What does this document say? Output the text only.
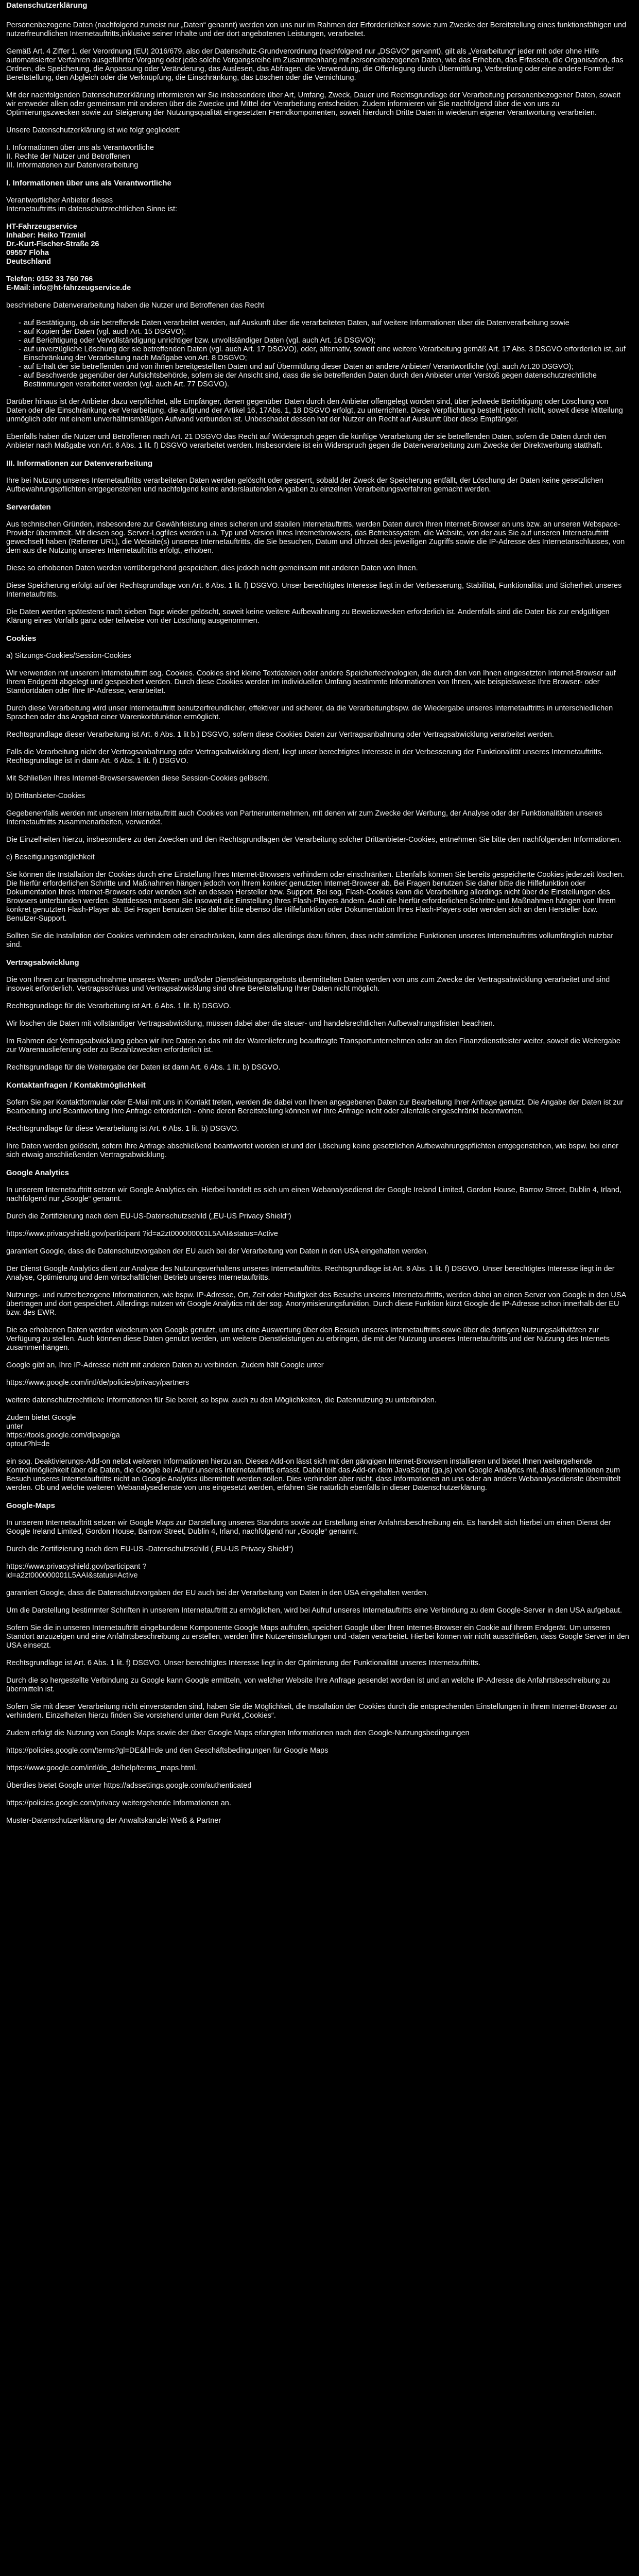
Datenschutzerklärung

Personenbezogene Daten (nachfolgend zumeist nur „Daten“ genannt) werden von uns nur im Rahmen der Erforderlichkeit sowie zum Zwecke der Bereitstellung eines funktionsfähigen und nutzerfreundlichen Internetauftritts,inklusive seiner Inhalte und der dort angebotenen Leistungen, verarbeitet.

Gemäß Art. 4 Ziffer 1. der Verordnung (EU) 2016/679, also der Datenschutz-Grundverordnung (nachfolgend nur „DSGVO“ genannt), gilt als „Verarbeitung“ jeder mit oder ohne Hilfe automatisierter Verfahren ausgeführter Vorgang oder jede solche Vorgangsreihe im Zusammenhang mit personenbezogenen Daten, wie das Erheben, das Erfassen, die Organisation, das Ordnen, die Speicherung, die Anpassung oder Veränderung, das Auslesen, das Abfragen, die Verwendung, die Offenlegung durch Übermittlung, Verbreitung oder eine andere Form der Bereitstellung, den Abgleich oder die Verknüpfung, die Einschränkung, das Löschen oder die Vernichtung.

Mit der nachfolgenden Datenschutzerklärung informieren wir Sie insbesondere über Art, Umfang, Zweck, Dauer und Rechtsgrundlage der Verarbeitung personenbezogener Daten, soweit wir entweder allein oder gemeinsam mit anderen über die Zwecke und Mittel der Verarbeitung entscheiden. Zudem informieren wir Sie nachfolgend über die von uns zu Optimierungszwecken sowie zur Steigerung der Nutzungsqualität eingesetzten Fremdkomponenten, soweit hierdurch Dritte Daten in wiederum eigener Verantwortung verarbeiten.

Unsere Datenschutzerklärung ist wie folgt gegliedert:

I. Informationen über uns als Verantwortliche
II. Rechte der Nutzer und Betroffenen
III. Informationen zur Datenverarbeitung
I. Informationen über uns als Verantwortliche
Verantwortlicher Anbieter dieses
Internetauftritts im datenschutzrechtlichen Sinne ist:
HT-Fahrzeugservice
Inhaber: Heiko Trzmiel
Dr.-Kurt-Fischer-Straße 26
09557 Flöha
Deutschland
Telefon: 0152 33 760 766
E-Mail: info@ht-fahrzeugservice.de

beschriebene Datenverarbeitung haben die Nutzer und Betroffenen das Recht

- auf Bestätigung, ob sie betreffende Daten verarbeitet werden, auf Auskunft über die verarbeiteten Daten, auf weitere Informationen über die Datenverarbeitung sowie
- auf Kopien der Daten (vgl. auch Art. 15 DSGVO);
- auf Berichtigung oder Vervollständigung unrichtiger bzw. unvollständiger Daten (vgl. auch Art. 16 DSGVO);
- auf unverzügliche Löschung der sie betreffenden Daten (vgl. auch Art. 17 DSGVO), oder, alternativ, soweit eine weitere Verarbeitung gemäß Art. 17 Abs. 3 DSGVO erforderlich ist, auf Einschränkung der Verarbeitung nach Maßgabe von Art. 8 DSGVO;
- auf Erhalt der sie betreffenden und von ihnen bereitgestellten Daten und auf Übermittlung dieser Daten an andere Anbieter/ Verantwortliche (vgl. auch Art.20 DSGVO);
- auf Beschwerde gegenüber der Aufsichtsbehörde, sofern sie der Ansicht sind, dass die sie betreffenden Daten durch den Anbieter unter Verstoß gegen datenschutzrechtliche Bestimmungen verarbeitet werden (vgl. auch Art. 77 DSGVO).

Darüber hinaus ist der Anbieter dazu verpflichtet, alle Empfänger, denen gegenüber Daten durch den Anbieter offengelegt worden sind, über jedwede Berichtigung oder Löschung von Daten oder die Einschränkung der Verarbeitung, die aufgrund der Artikel 16, 17Abs. 1, 18 DSGVO erfolgt, zu unterrichten. Diese Verpflichtung besteht jedoch nicht, soweit diese Mitteilung unmöglich oder mit einem unverhältnismäßigen Aufwand verbunden ist. Unbeschadet dessen hat der Nutzer ein Recht auf Auskunft über diese Empfänger.

Ebenfalls haben die Nutzer und Betroffenen nach Art. 21 DSGVO das Recht auf Widerspruch gegen die künftige Verarbeitung der sie betreffenden Daten, sofern die Daten durch den Anbieter nach Maßgabe von Art. 6 Abs. 1 lit. f) DSGVO verarbeitet werden. Insbesondere ist ein Widerspruch gegen die Datenverarbeitung zum Zwecke der Direktwerbung statthaft.

III. Informationen zur Datenverarbeitung

Ihre bei Nutzung unseres Internetauftritts verarbeiteten Daten werden gelöscht oder gesperrt, sobald der Zweck der Speicherung entfällt, der Löschung der Daten keine gesetzlichen Aufbewahrungspflichten entgegenstehen und nachfolgend keine anderslautenden Angaben zu einzelnen Verarbeitungsverfahren gemacht werden.

Serverdaten

Aus technischen Gründen, insbesondere zur Gewährleistung eines sicheren und stabilen Internetauftritts, werden Daten durch Ihren Internet-Browser an uns bzw. an unseren Webspace-Provider übermittelt. Mit diesen sog. Server-Logfiles werden u.a. Typ und Version Ihres Internetbrowsers, das Betriebssystem, die Website, von der aus Sie auf unseren Internetauftritt gewechselt haben (Referrer URL), die Website(s) unseres Internetauftritts, die Sie besuchen, Datum und Uhrzeit des jeweiligen Zugriffs sowie die IP-Adresse des Internetanschlusses, von dem aus die Nutzung unseres Internetauftritts erfolgt, erhoben.

Diese so erhobenen Daten werden vorrübergehend gespeichert, dies jedoch nicht gemeinsam mit anderen Daten von Ihnen.

Diese Speicherung erfolgt auf der Rechtsgrundlage von Art. 6 Abs. 1 lit. f) DSGVO. Unser berechtigtes Interesse liegt in der Verbesserung, Stabilität, Funktionalität und Sicherheit unseres Internetauftritts.

Die Daten werden spätestens nach sieben Tage wieder gelöscht, soweit keine weitere Aufbewahrung zu Beweiszwecken erforderlich ist. Andernfalls sind die Daten bis zur endgültigen Klärung eines Vorfalls ganz oder teilweise von der Löschung ausgenommen.

Cookies

a) Sitzungs-Cookies/Session-Cookies

Wir verwenden mit unserem Internetauftritt sog. Cookies. Cookies sind kleine Textdateien oder andere Speichertechnologien, die durch den von Ihnen eingesetzten Internet-Browser auf Ihrem Endgerät abgelegt und gespeichert werden. Durch diese Cookies werden im individuellen Umfang bestimmte Informationen von Ihnen, wie beispielsweise Ihre Browser- oder Standortdaten oder Ihre IP-Adresse, verarbeitet.

Durch diese Verarbeitung wird unser Internetauftritt benutzerfreundlicher, effektiver und sicherer, da die Verarbeitungbspw. die Wiedergabe unseres Internetauftritts in unterschiedlichen Sprachen oder das Angebot einer Warenkorbfunktion ermöglicht.

Rechtsgrundlage dieser Verarbeitung ist Art. 6 Abs. 1 lit b.) DSGVO, sofern diese Cookies Daten zur Vertragsanbahnung oder Vertragsabwicklung verarbeitet werden.

Falls die Verarbeitung nicht der Vertragsanbahnung oder Vertragsabwicklung dient, liegt unser berechtigtes Interesse in der Verbesserung der Funktionalität unseres Internetauftritts. Rechtsgrundlage ist in dann Art. 6 Abs. 1 lit. f) DSGVO.

Mit Schließen Ihres Internet-Browsersswerden diese Session-Cookies gelöscht.

b) Drittanbieter-Cookies

Gegebenenfalls werden mit unserem Internetauftritt auch Cookies von Partnerunternehmen, mit denen wir zum Zwecke der Werbung, der Analyse oder der Funktionalitäten unseres Internetauftritts zusammenarbeiten, verwendet.

Die Einzelheiten hierzu, insbesondere zu den Zwecken und den Rechtsgrundlagen der Verarbeitung solcher Drittanbieter-Cookies, entnehmen Sie bitte den nachfolgenden Informationen.

c) Beseitigungsmöglichkeit

Sie können die Installation der Cookies durch eine Einstellung Ihres Internet-Browsers verhindern oder einschränken. Ebenfalls können Sie bereits gespeicherte Cookies jederzeit löschen. Die hierfür erforderlichen Schritte und Maßnahmen hängen jedoch von Ihrem konkret genutzten Internet-Browser ab. Bei Fragen benutzen Sie daher bitte die Hilfefunktion oder Dokumentation Ihres Internet-Browsers oder wenden sich an dessen Hersteller bzw. Support. Bei sog. Flash-Cookies kann die Verarbeitung allerdings nicht über die Einstellungen des Browsers unterbunden werden. Stattdessen müssen Sie insoweit die Einstellung Ihres Flash-Players ändern. Auch die hierfür erforderlichen Schritte und Maßnahmen hängen von Ihrem konkret genutzten Flash-Player ab. Bei Fragen benutzen Sie daher bitte ebenso die Hilfefunktion oder Dokumentation Ihres Flash-Players oder wenden sich an den Hersteller bzw. Benutzer-Support.

Sollten Sie die Installation der Cookies verhindern oder einschränken, kann dies allerdings dazu führen, dass nicht sämtliche Funktionen unseres Internetauftritts vollumfänglich nutzbar sind.

Vertragsabwicklung

Die von Ihnen zur Inanspruchnahme unseres Waren- und/oder Dienstleistungsangebots übermittelten Daten werden von uns zum Zwecke der Vertragsabwicklung verarbeitet und sind insoweit erforderlich. Vertragsschluss und Vertragsabwicklung sind ohne Bereitstellung Ihrer Daten nicht möglich.

Rechtsgrundlage für die Verarbeitung ist Art. 6 Abs. 1 lit. b) DSGVO.

Wir löschen die Daten mit vollständiger Vertragsabwicklung, müssen dabei aber die steuer- und handelsrechtlichen Aufbewahrungsfristen beachten.

Im Rahmen der Vertragsabwicklung geben wir Ihre Daten an das mit der Warenlieferung beauftragte Transportunternehmen oder an den Finanzdienstleister weiter, soweit die Weitergabe zur Warenauslieferung oder zu Bezahlzwecken erforderlich ist.

Rechtsgrundlage für die Weitergabe der Daten ist dann Art. 6 Abs. 1 lit. b) DSGVO.

Kontaktanfragen / Kontaktmöglichkeit

Sofern Sie per Kontaktformular oder E-Mail mit uns in Kontakt treten, werden die dabei von Ihnen angegebenen Daten zur Bearbeitung Ihrer Anfrage genutzt. Die Angabe der Daten ist zur Bearbeitung und Beantwortung Ihre Anfrage erforderlich - ohne deren Bereitstellung können wir Ihre Anfrage nicht oder allenfalls eingeschränkt beantworten.

Rechtsgrundlage für diese Verarbeitung ist Art. 6 Abs. 1 lit. b) DSGVO.

Ihre Daten werden gelöscht, sofern Ihre Anfrage abschließend beantwortet worden ist und der Löschung keine gesetzlichen Aufbewahrungspflichten entgegenstehen, wie bspw. bei einer sich etwaig anschließenden Vertragsabwicklung.

Google Analytics

In unserem Internetauftritt setzen wir Google Analytics ein. Hierbei handelt es sich um einen Webanalysedienst der Google Ireland Limited, Gordon House, Barrow Street, Dublin 4, Irland, nachfolgend nur „Google“ genannt.

Durch die Zertifizierung nach dem EU-US-Datenschutzschild („EU-US Privacy Shield“)

https://www.privacyshield.gov/participant ?id=a2zt000000001L5AAI&status=Active

garantiert Google, dass die Datenschutzvorgaben der EU auch bei der Verarbeitung von Daten in den USA eingehalten werden.

Der Dienst Google Analytics dient zur Analyse des Nutzungsverhaltens unseres Internetauftritts. Rechtsgrundlage ist Art. 6 Abs. 1 lit. f) DSGVO. Unser berechtigtes Interesse liegt in der Analyse, Optimierung und dem wirtschaftlichen Betrieb unseres Internetauftritts.

Nutzungs- und nutzerbezogene Informationen, wie bspw. IP-Adresse, Ort, Zeit oder Häufigkeit des Besuchs unseres Internetauftritts, werden dabei an einen Server von Google in den USA übertragen und dort gespeichert. Allerdings nutzen wir Google Analytics mit der sog. Anonymisierungsfunktion. Durch diese Funktion kürzt Google die IP-Adresse schon innerhalb der EU bzw. des EWR.

Die so erhobenen Daten werden wiederum von Google genutzt, um uns eine Auswertung über den Besuch unseres Internetauftritts sowie über die dortigen Nutzungsaktivitäten zur Verfügung zu stellen. Auch können diese Daten genutzt werden, um weitere Dienstleistungen zu erbringen, die mit der Nutzung unseres Internetauftritts und der Nutzung des Internets zusammenhängen.

Google gibt an, Ihre IP-Adresse nicht mit anderen Daten zu verbinden. Zudem hält Google unter

https://www.google.com/intl/de/policies/privacy/partners

weitere datenschutzrechtliche Informationen für Sie bereit, so bspw. auch zu den Möglichkeiten, die Datennutzung zu unterbinden.

Zudem bietet Google unter https://tools.google.com/dlpage/ga optout?hl=de

ein sog. Deaktivierungs-Add-on nebst weiteren Informationen hierzu an. Dieses Add-on lässt sich mit den gängigen Internet-Browsern installieren und bietet Ihnen weitergehende Kontrollmöglichkeit über die Daten, die Google bei Aufruf unseres Internetauftritts erfasst. Dabei teilt das Add-on dem JavaScript (ga.js) von Google Analytics mit, dass Informationen zum Besuch unseres Internetauftritts nicht an Google Analytics übermittelt werden sollen. Dies verhindert aber nicht, dass Informationen an uns oder an andere Webanalysedienste übermittelt werden. Ob und welche weiteren Webanalysedienste von uns eingesetzt werden, erfahren Sie natürlich ebenfalls in dieser Datenschutzerklärung.

Google-Maps

In unserem Internetauftritt setzen wir Google Maps zur Darstellung unseres Standorts sowie zur Erstellung einer Anfahrtsbeschreibung ein. Es handelt sich hierbei um einen Dienst der Google Ireland Limited, Gordon House, Barrow Street, Dublin 4, Irland, nachfolgend nur „Google“ genannt.

Durch die Zertifizierung nach dem EU-US -Datenschutzschild („EU-US Privacy Shield“)

https://www.privacyshield.gov/participant ?id=a2zt000000001L5AAI&status=Active

garantiert Google, dass die Datenschutzvorgaben der EU auch bei der Verarbeitung von Daten in den USA eingehalten werden.

Um die Darstellung bestimmter Schriften in unserem Internetauftritt zu ermöglichen, wird bei Aufruf unseres Internetauftritts eine Verbindung zu dem Google-Server in den USA aufgebaut.

Sofern Sie die in unseren Internetauftritt eingebundene Komponente Google Maps aufrufen, speichert Google über Ihren Internet-Browser ein Cookie auf Ihrem Endgerät. Um unseren Standort anzuzeigen und eine Anfahrtsbeschreibung zu erstellen, werden Ihre Nutzereinstellungen und -daten verarbeitet. Hierbei können wir nicht ausschließen, dass Google Server in den USA einsetzt.

Rechtsgrundlage ist Art. 6 Abs. 1 lit. f) DSGVO. Unser berechtigtes Interesse liegt in der Optimierung der Funktionalität unseres Internetauftritts.

Durch die so hergestellte Verbindung zu Google kann Google ermitteln, von welcher Website Ihre Anfrage gesendet worden ist und an welche IP-Adresse die Anfahrtsbeschreibung zu übermitteln ist.

Sofern Sie mit dieser Verarbeitung nicht einverstanden sind, haben Sie die Möglichkeit, die Installation der Cookies durch die entsprechenden Einstellungen in Ihrem Internet-Browser zu verhindern. Einzelheiten hierzu finden Sie vorstehend unter dem Punkt „Cookies“.

Zudem erfolgt die Nutzung von Google Maps sowie der über Google Maps erlangten Informationen nach den Google-Nutzungsbedingungen

https://policies.google.com/terms?gl=DE&hl=de und den Geschäftsbedingungen für Google Maps

https://www.google.com/intl/de_de/help/terms_maps.html.

Überdies bietet Google unter https://adssettings.google.com/authenticated

https://policies.google.com/privacy weitergehende Informationen an.

Muster-Datenschutzerklärung der Anwaltskanzlei Weiß & Partner
